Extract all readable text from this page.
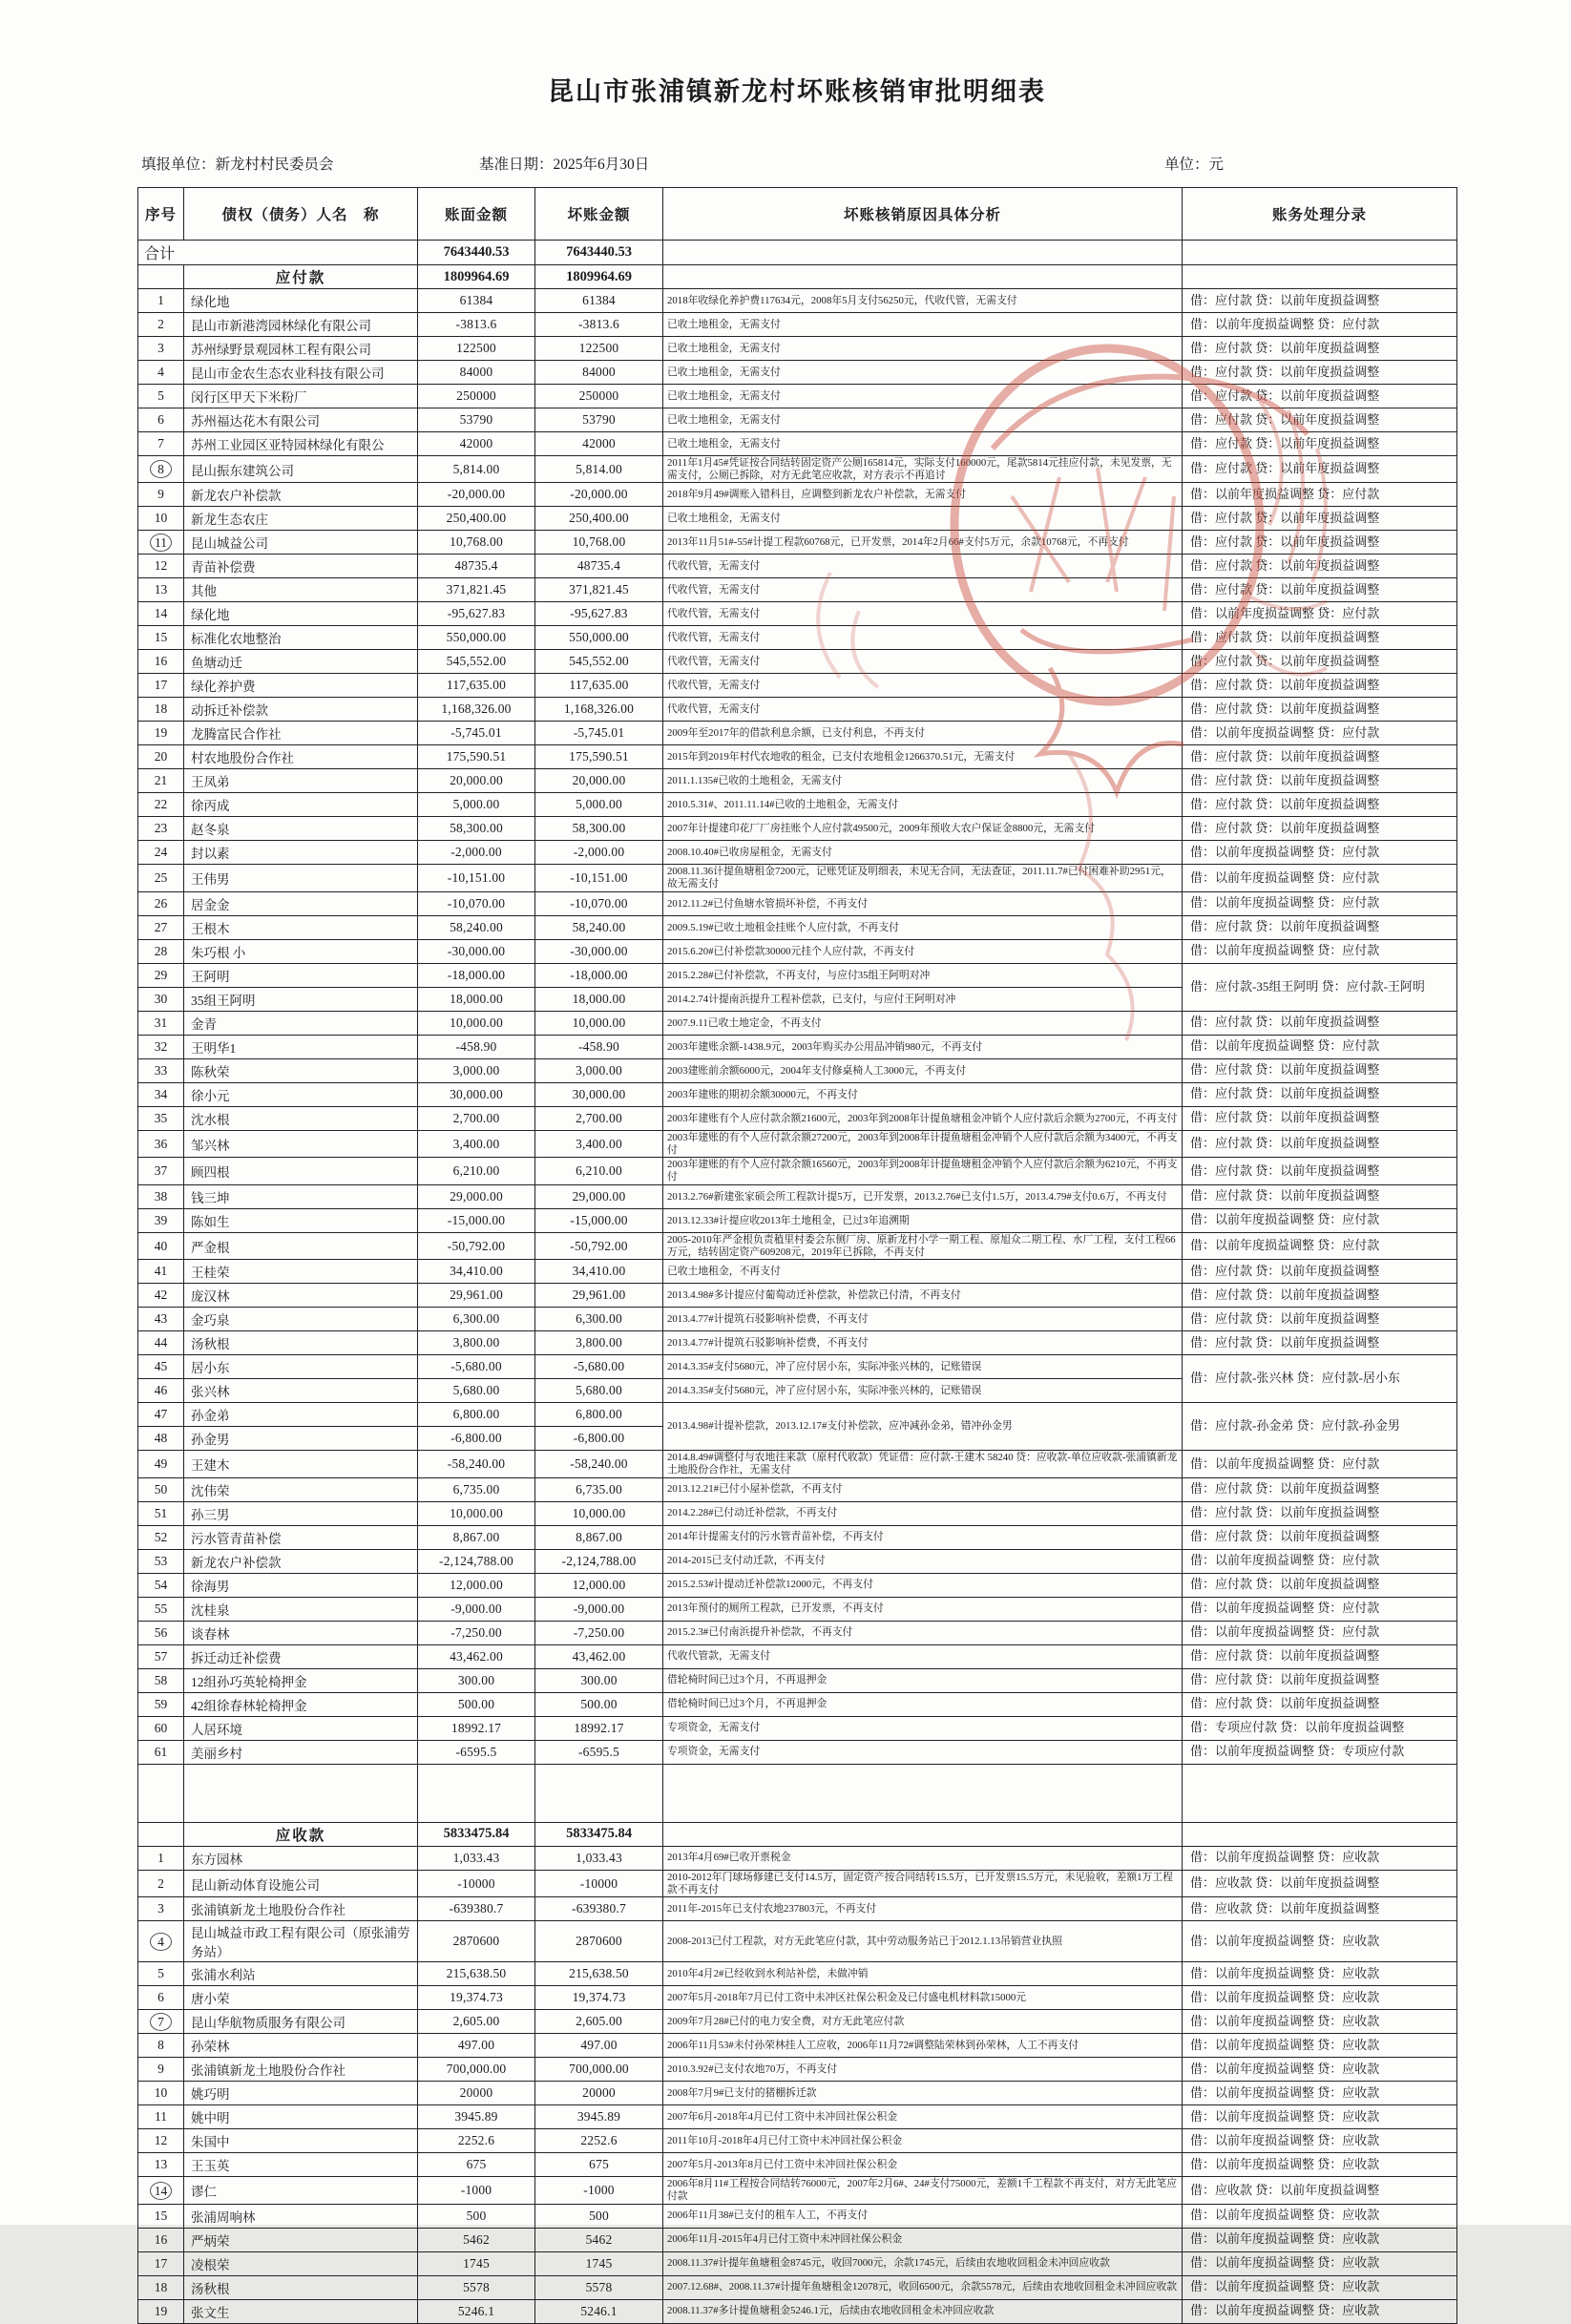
昆山市张浦镇新龙村坏账核销审批明细表
填报单位：新龙村村民委员会	基准日期：2025年6月30日	单位：元
序号	债权（债务）人名　称	账面金额	坏账金额	坏账核销原因具体分析	账务处理分录
合计		7643440.53	7643440.53		
	应付款	1809964.69	1809964.69		
1	绿化地	61384	61384	2018年收绿化养护费117634元，2008年5月支付56250元，代收代管，无需支付	借：应付款 贷：以前年度损益调整
2	昆山市新港湾园林绿化有限公司	-3813.6	-3813.6	已收土地租金，无需支付	借：以前年度损益调整 贷：应付款
3	苏州绿野景观园林工程有限公司	122500	122500	已收土地租金，无需支付	借：应付款 贷：以前年度损益调整
4	昆山市金农生态农业科技有限公司	84000	84000	已收土地租金，无需支付	借：应付款 贷：以前年度损益调整
5	闵行区甲天下米粉厂	250000	250000	已收土地租金，无需支付	借：应付款 贷：以前年度损益调整
6	苏州福达花木有限公司	53790	53790	已收土地租金，无需支付	借：应付款 贷：以前年度损益调整
7	苏州工业园区亚特园林绿化有限公	42000	42000	已收土地租金，无需支付	借：应付款 贷：以前年度损益调整
8	昆山振东建筑公司	5,814.00	5,814.00	2011年1月45#凭证按合同结转固定资产公厕165814元，实际支付160000元，尾款5814元挂应付款，未见发票，无需支付，公厕已拆除，对方无此笔应收款，对方表示不再追讨	借：应付款 贷：以前年度损益调整
9	新龙农户补偿款	-20,000.00	-20,000.00	2018年9月49#调账入错科目，应调整到新龙农户补偿款，无需支付	借：以前年度损益调整 贷：应付款
10	新龙生态农庄	250,400.00	250,400.00	已收土地租金，无需支付	借：应付款 贷：以前年度损益调整
11	昆山城益公司	10,768.00	10,768.00	2013年11月51#-55#计提工程款60768元，已开发票，2014年2月66#支付5万元，余款10768元，不再支付	借：应付款 贷：以前年度损益调整
12	青苗补偿费	48735.4	48735.4	代收代管，无需支付	借：应付款 贷：以前年度损益调整
13	其他	371,821.45	371,821.45	代收代管，无需支付	借：应付款 贷：以前年度损益调整
14	绿化地	-95,627.83	-95,627.83	代收代管，无需支付	借：以前年度损益调整 贷：应付款
15	标准化农地整治	550,000.00	550,000.00	代收代管，无需支付	借：应付款 贷：以前年度损益调整
16	鱼塘动迁	545,552.00	545,552.00	代收代管，无需支付	借：应付款 贷：以前年度损益调整
17	绿化养护费	117,635.00	117,635.00	代收代管，无需支付	借：应付款 贷：以前年度损益调整
18	动拆迁补偿款	1,168,326.00	1,168,326.00	代收代管，无需支付	借：应付款 贷：以前年度损益调整
19	龙腾富民合作社	-5,745.01	-5,745.01	2009年至2017年的借款利息余额，已支付利息，不再支付	借：以前年度损益调整 贷：应付款
20	村农地股份合作社	175,590.51	175,590.51	2015年到2019年村代农地收的租金，已支付农地租金1266370.51元，无需支付	借：应付款 贷：以前年度损益调整
21	王凤弟	20,000.00	20,000.00	2011.1.135#已收的土地租金，无需支付	借：应付款 贷：以前年度损益调整
22	徐丙成	5,000.00	5,000.00	2010.5.31#、2011.11.14#已收的土地租金，无需支付	借：应付款 贷：以前年度损益调整
23	赵冬泉	58,300.00	58,300.00	2007年计提建印花厂厂房挂账个人应付款49500元，2009年预收大农户保证金8800元，无需支付	借：应付款 贷：以前年度损益调整
24	封以素	-2,000.00	-2,000.00	2008.10.40#已收房屋租金，无需支付	借：以前年度损益调整 贷：应付款
25	王伟男	-10,151.00	-10,151.00	2008.11.36计提鱼塘租金7200元，记账凭证及明细表，未见无合同，无法查证，2011.11.7#已付困难补助2951元，故无需支付	借：以前年度损益调整 贷：应付款
26	居金金	-10,070.00	-10,070.00	2012.11.2#已付鱼塘水管损坏补偿，不再支付	借：以前年度损益调整 贷：应付款
27	王根木	58,240.00	58,240.00	2009.5.19#已收土地租金挂账个人应付款，不再支付	借：应付款 贷：以前年度损益调整
28	朱巧根 小	-30,000.00	-30,000.00	2015.6.20#已付补偿款30000元挂个人应付款，不再支付	借：以前年度损益调整 贷：应付款
29	王阿明	-18,000.00	-18,000.00	2015.2.28#已付补偿款，不再支付，与应付35组王阿明对冲	借：应付款-35组王阿明 贷：应付款-王阿明
30	35组王阿明	18,000.00	18,000.00	2014.2.74计提南浜提升工程补偿款，已支付，与应付王阿明对冲	
31	金青	10,000.00	10,000.00	2007.9.11已收土地定金，不再支付	借：应付款 贷：以前年度损益调整
32	王明华1	-458.90	-458.90	2003年建账余额-1438.9元，2003年购买办公用品冲销980元，不再支付	借：以前年度损益调整 贷：应付款
33	陈秋荣	3,000.00	3,000.00	2003建账前余额6000元，2004年支付修桌椅人工3000元，不再支付	借：应付款 贷：以前年度损益调整
34	徐小元	30,000.00	30,000.00	2003年建账的期初余额30000元，不再支付	借：应付款 贷：以前年度损益调整
35	沈水根	2,700.00	2,700.00	2003年建账有个人应付款余额21600元，2003年到2008年计提鱼塘租金冲销个人应付款后余额为2700元，不再支付	借：应付款 贷：以前年度损益调整
36	邹兴林	3,400.00	3,400.00	2003年建账的有个人应付款余额27200元，2003年到2008年计提鱼塘租金冲销个人应付款后余额为3400元，不再支付	借：应付款 贷：以前年度损益调整
37	顾四根	6,210.00	6,210.00	2003年建账的有个人应付款余额16560元，2003年到2008年计提鱼塘租金冲销个人应付款后余额为6210元，不再支付	借：应付款 贷：以前年度损益调整
38	钱三坤	29,000.00	29,000.00	2013.2.76#新建张家硕会所工程款计提5万，已开发票，2013.2.76#已支付1.5万，2013.4.79#支付0.6万，不再支付	借：应付款 贷：以前年度损益调整
39	陈如生	-15,000.00	-15,000.00	2013.12.33#计提应收2013年土地租金，已过3年追溯期	借：以前年度损益调整 贷：应付款
40	严金根	-50,792.00	-50,792.00	2005-2010年严金根负责稙里村委会东侧厂房、原新龙村小学一期工程、原旭众二期工程、水厂工程，支付工程66万元，结转固定资产609208元，2019年已拆除，不再支付	借：以前年度损益调整 贷：应付款
41	王桂荣	34,410.00	34,410.00	已收土地租金，不再支付	借：应付款 贷：以前年度损益调整
42	庞汉林	29,961.00	29,961.00	2013.4.98#多计提应付葡萄动迁补偿款，补偿款已付清，不再支付	借：应付款 贷：以前年度损益调整
43	金巧泉	6,300.00	6,300.00	2013.4.77#计提筑石驳影响补偿费，不再支付	借：应付款 贷：以前年度损益调整
44	汤秋根	3,800.00	3,800.00	2013.4.77#计提筑石驳影响补偿费，不再支付	借：应付款 贷：以前年度损益调整
45	居小东	-5,680.00	-5,680.00	2014.3.35#支付5680元，冲了应付居小东，实际冲张兴林的，记账错误	借：应付款-张兴林 贷：应付款-居小东
46	张兴林	5,680.00	5,680.00	2014.3.35#支付5680元，冲了应付居小东，实际冲张兴林的，记账错误	
47	孙金弟	6,800.00	6,800.00	2013.4.98#计提补偿款，2013.12.17#支付补偿款，应冲减孙金弟，错冲孙金男	借：应付款-孙金弟 贷：应付款-孙金男
48	孙金男	-6,800.00	-6,800.00		
49	王建木	-58,240.00	-58,240.00	2014.8.49#调整付与农地往来款（原村代收款）凭证借：应付款-王建木 58240 贷：应收款-单位应收款-张浦镇新龙土地股份合作社，无需支付	借：以前年度损益调整 贷：应付款
50	沈伟荣	6,735.00	6,735.00	2013.12.21#已付小屋补偿款，不再支付	借：应付款 贷：以前年度损益调整
51	孙三男	10,000.00	10,000.00	2014.2.28#已付动迁补偿款，不再支付	借：应付款 贷：以前年度损益调整
52	污水管青苗补偿	8,867.00	8,867.00	2014年计提需支付的污水管青苗补偿，不再支付	借：应付款 贷：以前年度损益调整
53	新龙农户补偿款	-2,124,788.00	-2,124,788.00	2014-2015已支付动迁款，不再支付	借：以前年度损益调整 贷：应付款
54	徐海男	12,000.00	12,000.00	2015.2.53#计提动迁补偿款12000元，不再支付	借：应付款 贷：以前年度损益调整
55	沈桂泉	-9,000.00	-9,000.00	2013年预付的厕所工程款，已开发票，不再支付	借：以前年度损益调整 贷：应付款
56	谈春林	-7,250.00	-7,250.00	2015.2.3#已付南浜提升补偿款，不再支付	借：以前年度损益调整 贷：应付款
57	拆迁动迁补偿费	43,462.00	43,462.00	代收代管款，无需支付	借：应付款 贷：以前年度损益调整
58	12组孙巧英轮椅押金	300.00	300.00	借轮椅时间已过3个月，不再退押金	借：应付款 贷：以前年度损益调整
59	42组徐春林轮椅押金	500.00	500.00	借轮椅时间已过3个月，不再退押金	借：应付款 贷：以前年度损益调整
60	人居环境	18992.17	18992.17	专项资金，无需支付	借：专项应付款 贷：以前年度损益调整
61	美丽乡村	-6595.5	-6595.5	专项资金，无需支付	借：以前年度损益调整 贷：专项应付款

	应收款	5833475.84	5833475.84		
1	东方园林	1,033.43	1,033.43	2013年4月69#已收开票税金	借：以前年度损益调整 贷：应收款
2	昆山新动体育设施公司	-10000	-10000	2010-2012年门球场修建已支付14.5万，固定资产按合同结转15.5万，已开发票15.5万元，未见验收，差额1万工程款不再支付	借：应收款 贷：以前年度损益调整
3	张浦镇新龙土地股份合作社	-639380.7	-639380.7	2011年-2015年已支付农地237803元，不再支付	借：应收款 贷：以前年度损益调整
4	昆山城益市政工程有限公司（原张浦劳务站）	2870600	2870600	2008-2013已付工程款，对方无此笔应付款，其中劳动服务站已于2012.1.13吊销营业执照	借：以前年度损益调整 贷：应收款
5	张浦水利站	215,638.50	215,638.50	2010年4月2#已经收到水利站补偿，未做冲销	借：以前年度损益调整 贷：应收款
6	唐小荣	19,374.73	19,374.73	2007年5月-2018年7月已付工资中未冲区社保公积金及已付盛电机材料款15000元	借：以前年度损益调整 贷：应收款
7	昆山华航物质服务有限公司	2,605.00	2,605.00	2009年7月28#已付的电力安全费，对方无此笔应付款	借：以前年度损益调整 贷：应收款
8	孙荣林	497.00	497.00	2006年11月53#未付孙荣林挂人工应收，2006年11月72#调整陆荣林到孙荣林，人工不再支付	借：以前年度损益调整 贷：应收款
9	张浦镇新龙土地股份合作社	700,000.00	700,000.00	2010.3.92#已支付农地70万，不再支付	借：以前年度损益调整 贷：应收款
10	姚巧明	20000	20000	2008年7月9#已支付的猪棚拆迁款	借：以前年度损益调整 贷：应收款
11	姚中明	3945.89	3945.89	2007年6月-2018年4月已付工资中未冲回社保公积金	借：以前年度损益调整 贷：应收款
12	朱国中	2252.6	2252.6	2011年10月-2018年4月已付工资中未冲回社保公积金	借：以前年度损益调整 贷：应收款
13	王玉英	675	675	2007年5月-2013年8月已付工资中未冲回社保公积金	借：以前年度损益调整 贷：应收款
14	谬仁	-1000	-1000	2006年8月11#工程按合同结转76000元，2007年2月6#、24#支付75000元，差额1千工程款不再支付，对方无此笔应付款	借：应收款 贷：以前年度损益调整
15	张浦周响林	500	500	2006年11月38#已支付的租车人工，不再支付	借：以前年度损益调整 贷：应收款
16	严炳荣	5462	5462	2006年11月-2015年4月已付工资中未冲回社保公积金	借：以前年度损益调整 贷：应收款
17	凌根荣	1745	1745	2008.11.37#计提年鱼塘租金8745元，收回7000元，余款1745元，后续由农地收回租金未冲回应收款	借：以前年度损益调整 贷：应收款
18	汤秋根	5578	5578	2007.12.68#、2008.11.37#计提年鱼塘租金12078元，收回6500元，余款5578元，后续由农地收回租金未冲回应收款	借：以前年度损益调整 贷：应收款
19	张文生	5246.1	5246.1	2008.11.37#多计提鱼塘租金5246.1元，后续由农地收回租金未冲回应收款	借：以前年度损益调整 贷：应收款
